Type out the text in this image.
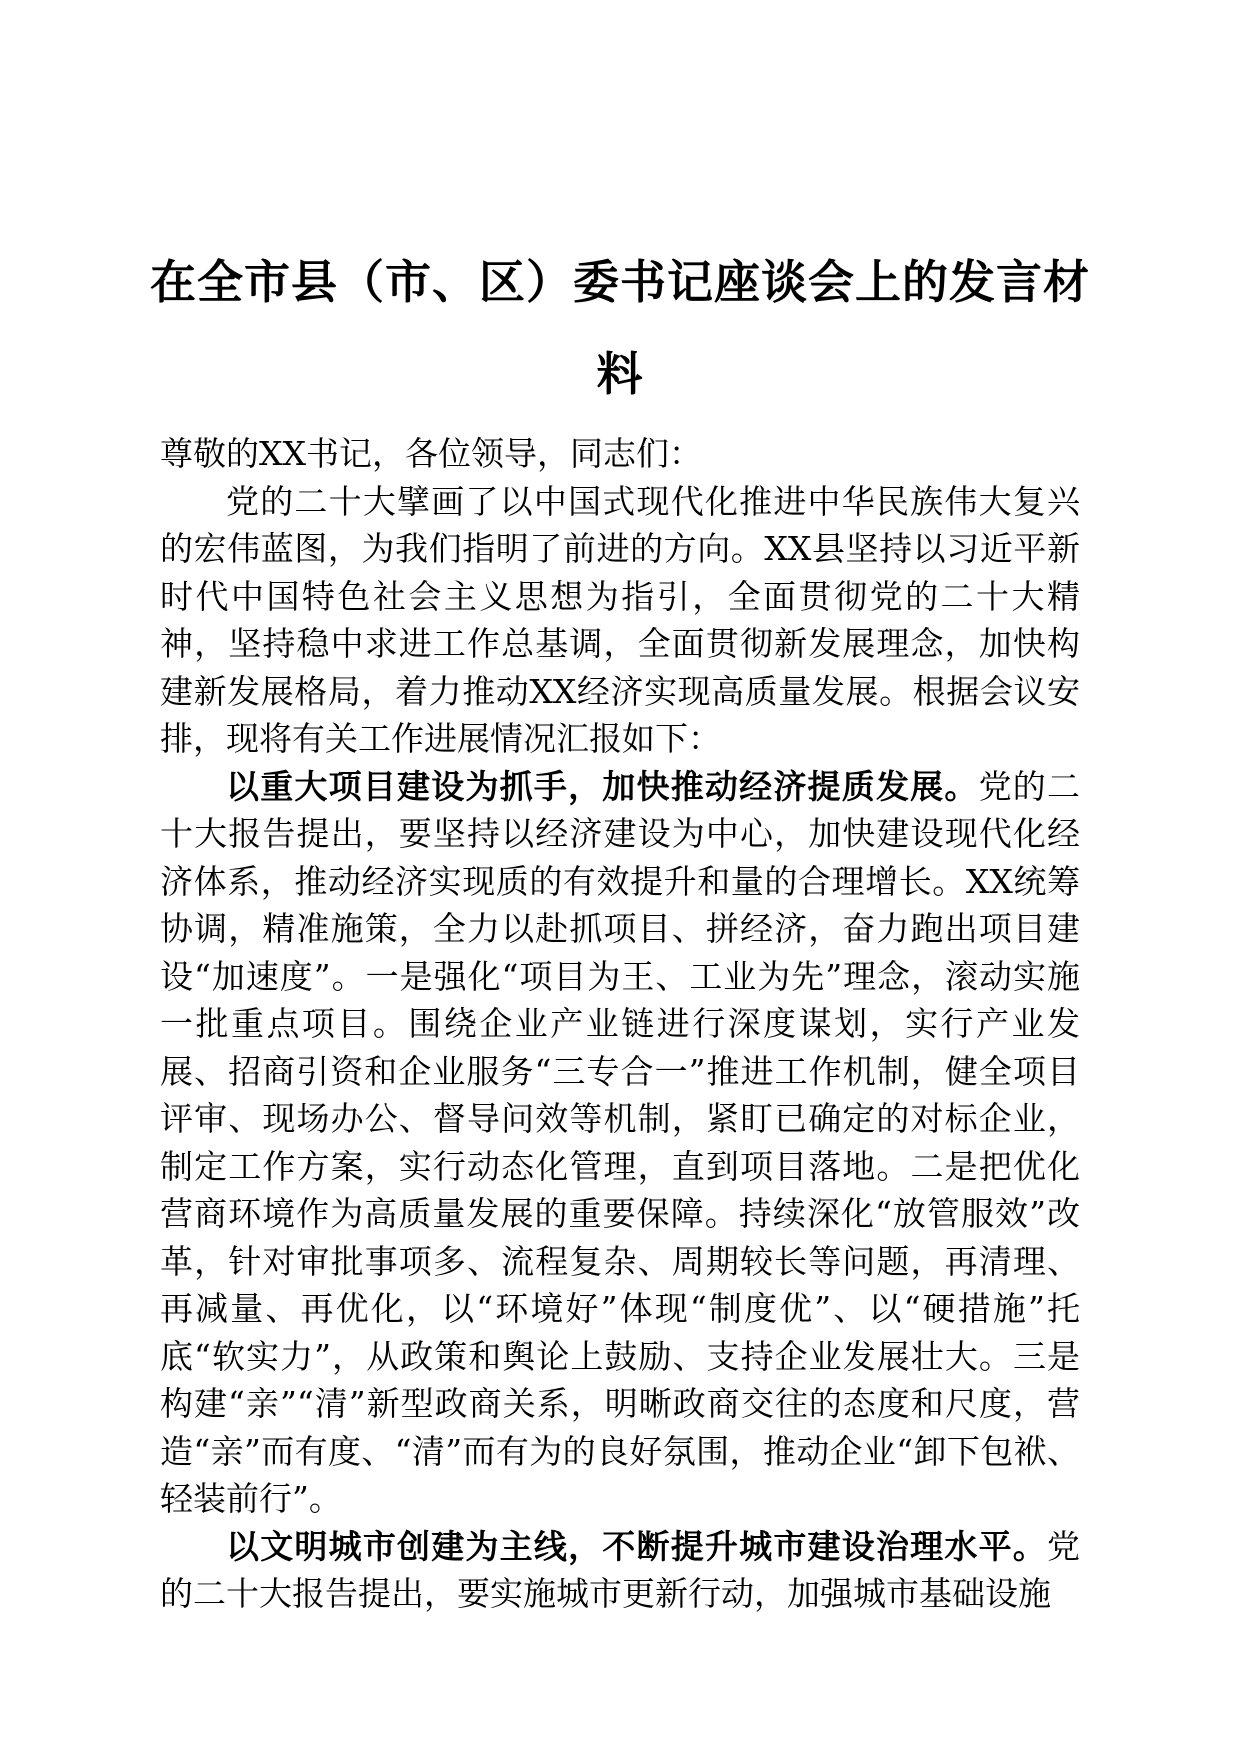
在全市县（市、区）委书记座谈会上的发言材料

尊敬的XX书记，各位领导，同志们：

党的二十大擘画了以中国式现代化推进中华民族伟大复兴的宏伟蓝图，为我们指明了前进的方向。XX县坚持以习近平新时代中国特色社会主义思想为指引，全面贯彻党的二十大精神，坚持稳中求进工作总基调，全面贯彻新发展理念，加快构建新发展格局，着力推动XX经济实现高质量发展。根据会议安排，现将有关工作进展情况汇报如下：

以重大项目建设为抓手，加快推动经济提质发展。党的二十大报告提出，要坚持以经济建设为中心，加快建设现代化经济体系，推动经济实现质的有效提升和量的合理增长。XX统筹协调，精准施策，全力以赴抓项目、拼经济，奋力跑出项目建设“加速度”。一是强化“项目为王、工业为先”理念，滚动实施一批重点项目。围绕企业产业链进行深度谋划，实行产业发展、招商引资和企业服务“三专合一”推进工作机制，健全项目评审、现场办公、督导问效等机制，紧盯已确定的对标企业，制定工作方案，实行动态化管理，直到项目落地。二是把优化营商环境作为高质量发展的重要保障。持续深化“放管服效”改革，针对审批事项多、流程复杂、周期较长等问题，再清理、再减量、再优化，以“环境好”体现“制度优”、以“硬措施”托底“软实力”，从政策和舆论上鼓励、支持企业发展壮大。三是构建“亲”“清”新型政商关系，明晰政商交往的态度和尺度，营造“亲”而有度、“清”而有为的良好氛围，推动企业“卸下包袱、轻装前行”。

以文明城市创建为主线，不断提升城市建设治理水平。党的二十大报告提出，要实施城市更新行动，加强城市基础设施
